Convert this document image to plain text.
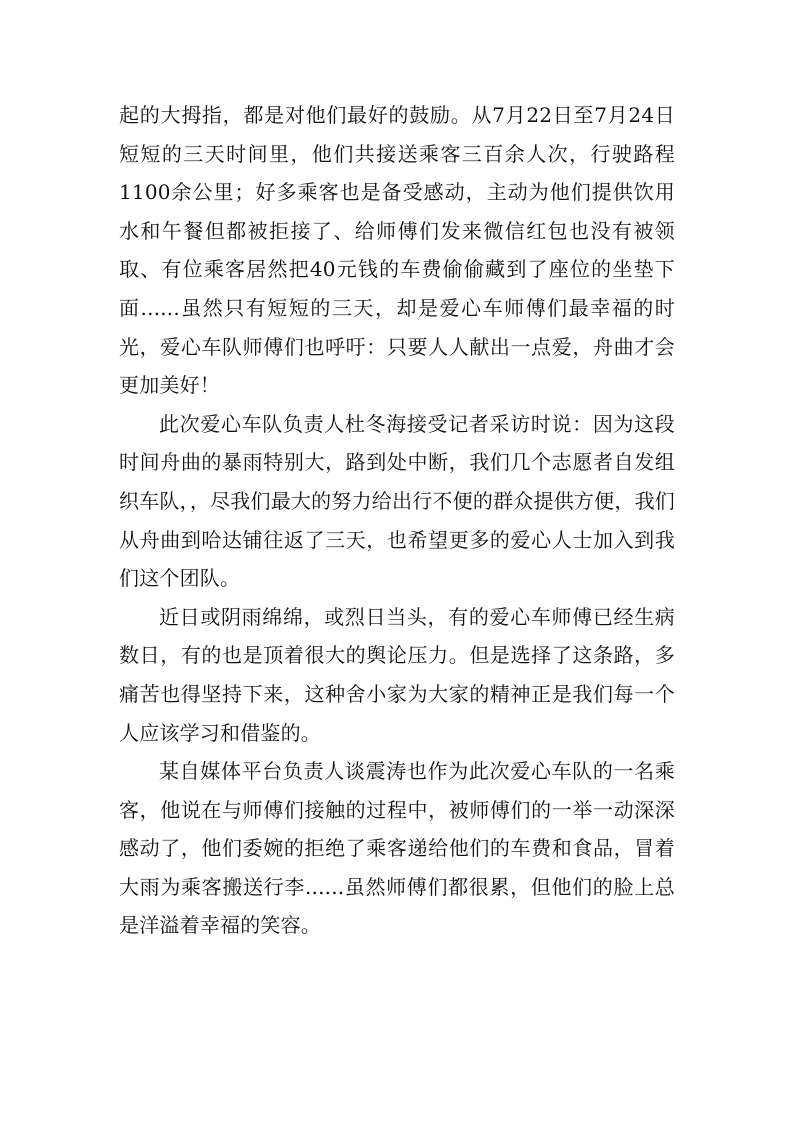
起的大拇指，都是对他们最好的鼓励。从7月22日至7月24日短短的三天时间里，他们共接送乘客三百余人次，行驶路程1100余公里；好多乘客也是备受感动，主动为他们提供饮用水和午餐但都被拒接了、给师傅们发来微信红包也没有被领取、有位乘客居然把40元钱的车费偷偷藏到了座位的坐垫下面......虽然只有短短的三天，却是爱心车师傅们最幸福的时光，爱心车队师傅们也呼吁：只要人人献出一点爱，舟曲才会更加美好！

此次爱心车队负责人杜冬海接受记者采访时说：因为这段时间舟曲的暴雨特别大，路到处中断，我们几个志愿者自发组织车队，，尽我们最大的努力给出行不便的群众提供方便，我们从舟曲到哈达铺往返了三天，也希望更多的爱心人士加入到我们这个团队。

近日或阴雨绵绵，或烈日当头，有的爱心车师傅已经生病数日，有的也是顶着很大的舆论压力。但是选择了这条路，多痛苦也得坚持下来，这种舍小家为大家的精神正是我们每一个人应该学习和借鉴的。

某自媒体平台负责人谈震涛也作为此次爱心车队的一名乘客，他说在与师傅们接触的过程中，被师傅们的一举一动深深感动了，他们委婉的拒绝了乘客递给他们的车费和食品，冒着大雨为乘客搬送行李......虽然师傅们都很累，但他们的脸上总是洋溢着幸福的笑容。
